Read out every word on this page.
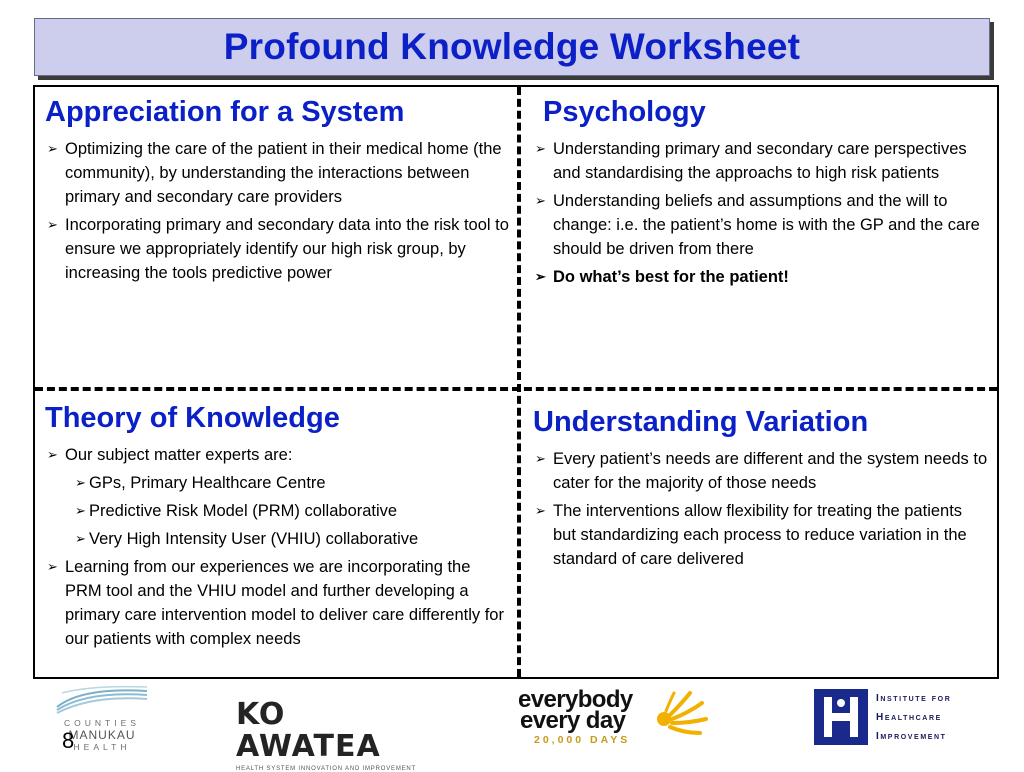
Profound Knowledge Worksheet
Appreciation for a System
➢ Optimizing the care of the patient in their medical home (the community), by understanding the interactions between primary and secondary care providers
➢ Incorporating primary and secondary data into the risk tool to ensure we appropriately identify our high risk group, by increasing the tools predictive power
Psychology
➢ Understanding primary and secondary care perspectives and standardising the approachs to high risk patients
➢ Understanding beliefs and assumptions and the will to change: i.e. the patient’s home is with the GP and the care should be driven from there
➢ Do what’s best for the patient!
Theory of Knowledge
➢ Our subject matter experts are:
➢ GPs, Primary Healthcare Centre
➢ Predictive Risk Model (PRM) collaborative
➢ Very High Intensity User (VHIU) collaborative
➢ Learning from our experiences we are incorporating the PRM tool and the VHIU model and further developing a primary care intervention model to deliver care differently for our patients with complex needs
Understanding Variation
➢ Every patient’s needs are different and the system needs to cater for the majority of those needs
➢ The interventions allow flexibility for treating the patients but standardizing each process to reduce variation in the standard of care delivered
COUNTIES
MANUKAU
HEALTH
8
KO AWATEA
HEALTH SYSTEM INNOVATION AND IMPROVEMENT
everybody
every day
20,000 DAYS
Institute for
Healthcare
Improvement
